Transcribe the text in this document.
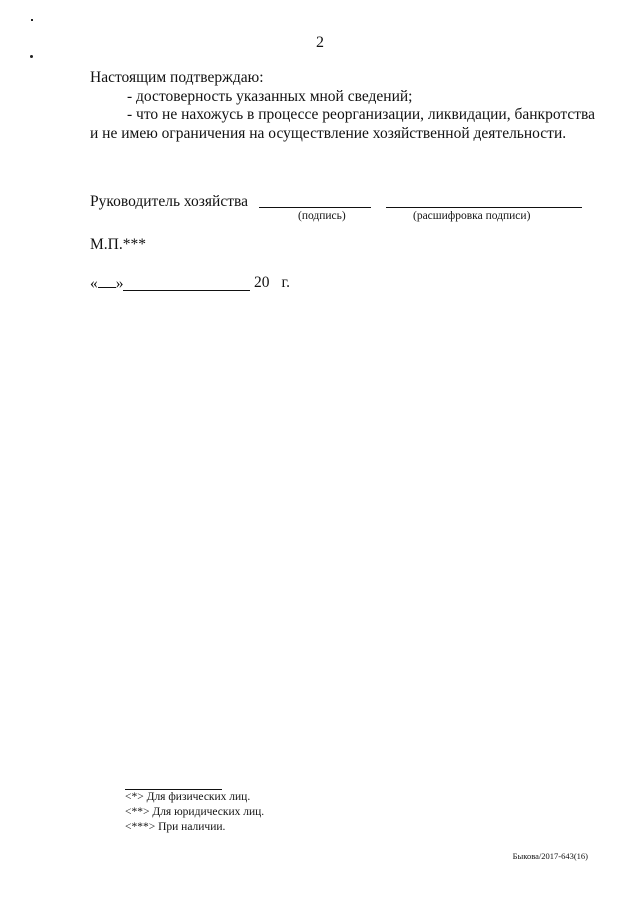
2
Настоящим подтверждаю:
- достоверность указанных мной сведений;
- что не нахожусь в процессе реорганизации, ликвидации, банкротства
и не имею ограничения на осуществление хозяйственной деятельности.
Руководитель хозяйства
(подпись)	(расшифровка подписи)
М.П.***
« »	20 г.
<*> Для физических лиц.
<**> Для юридических лиц.
<***> При наличии.
Быкова/2017-643(16)
